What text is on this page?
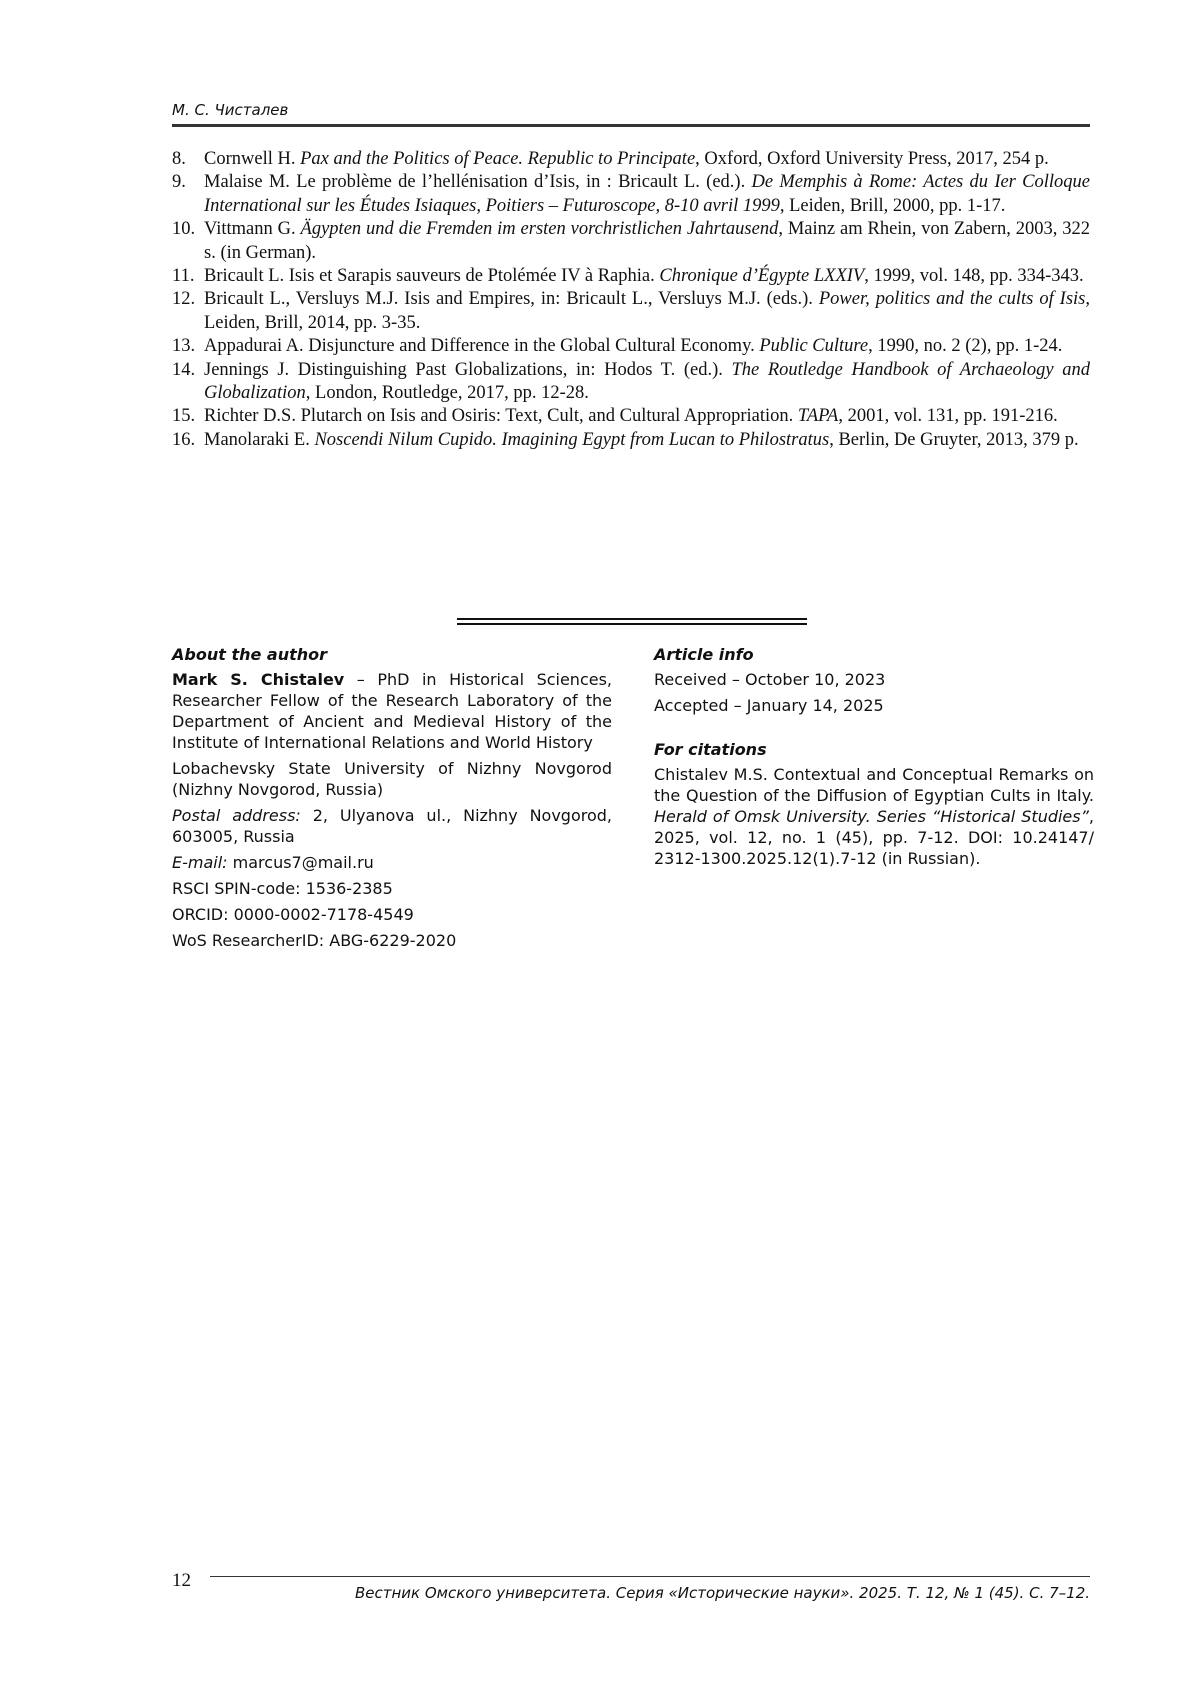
М. С. Чисталев
8. Cornwell H. Pax and the Politics of Peace. Republic to Principate, Oxford, Oxford University Press, 2017, 254 p.
9. Malaise M. Le problème de l’hellénisation d’Isis, in : Bricault L. (ed.). De Memphis à Rome: Actes du Ier Colloque International sur les Études Isiaques, Poitiers – Futuroscope, 8-10 avril 1999, Leiden, Brill, 2000, pp. 1-17.
10. Vittmann G. Ägypten und die Fremden im ersten vorchristlichen Jahrtausend, Mainz am Rhein, von Zabern, 2003, 322 s. (in German).
11. Bricault L. Isis et Sarapis sauveurs de Ptolémée IV à Raphia. Chronique d’Égypte LXXIV, 1999, vol. 148, pp. 334-343.
12. Bricault L., Versluys M.J. Isis and Empires, in: Bricault L., Versluys M.J. (eds.). Power, politics and the cults of Isis, Leiden, Brill, 2014, pp. 3-35.
13. Appadurai A. Disjuncture and Difference in the Global Cultural Economy. Public Culture, 1990, no. 2 (2), pp. 1-24.
14. Jennings J. Distinguishing Past Globalizations, in: Hodos T. (ed.). The Routledge Handbook of Archaeology and Globalization, London, Routledge, 2017, pp. 12-28.
15. Richter D.S. Plutarch on Isis and Osiris: Text, Cult, and Cultural Appropriation. TAPA, 2001, vol. 131, pp. 191-216.
16. Manolaraki E. Noscendi Nilum Cupido. Imagining Egypt from Lucan to Philostratus, Berlin, De Gruyter, 2013, 379 p.
About the author
Mark S. Chistalev – PhD in Historical Sciences, Researcher Fellow of the Research Laboratory of the Department of Ancient and Medieval History of the Institute of International Relations and World History
Lobachevsky State University of Nizhny Novgorod (Nizhny Novgorod, Russia)
Postal address: 2, Ulyanova ul., Nizhny Novgorod, 603005, Russia
E-mail: marcus7@mail.ru
RSCI SPIN-code: 1536-2385
ORCID: 0000-0002-7178-4549
WoS ResearcherID: ABG-6229-2020
Article info
Received – October 10, 2023
Accepted – January 14, 2025
For citations
Chistalev M.S. Contextual and Conceptual Remarks on the Question of the Diffusion of Egyptian Cults in Italy. Herald of Omsk University. Series “Historical Studies”, 2025, vol. 12, no. 1 (45), pp. 7-12. DOI: 10.24147/ 2312-1300.2025.12(1).7-12 (in Russian).
12
Вестник Омского университета. Серия «Исторические науки». 2025. Т. 12, № 1 (45). С. 7–12.
